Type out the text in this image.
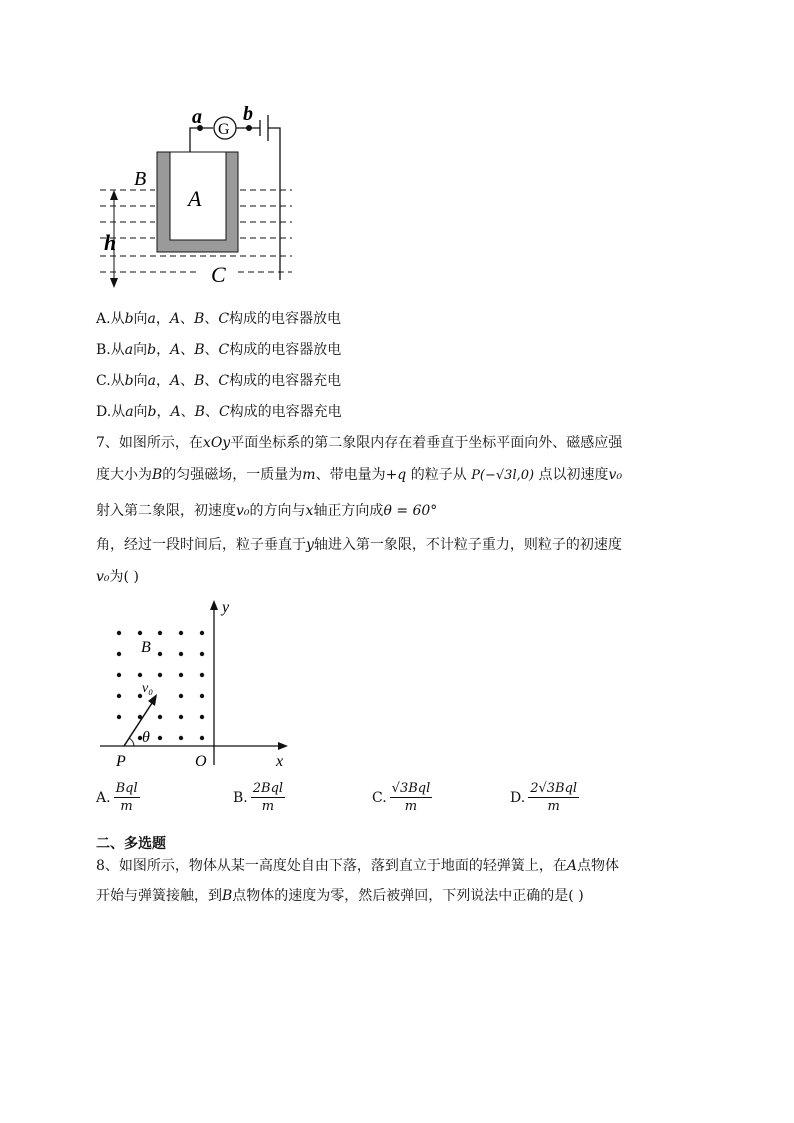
a
G
b
B
A
h
C
A.从b向a，A、B、C构成的电容器放电
B.从a向b，A、B、C构成的电容器放电
C.从b向a，A、B、C构成的电容器充电
D.从a向b，A、B、C构成的电容器充电
7、如图所示，在xOy平面坐标系的第二象限内存在着垂直于坐标平面向外、磁感应强
度大小为B的匀强磁场，一质量为m、带电量为+q 的粒子从 P(−√3l,0) 点以初速度v₀
射入第二象限，初速度v₀的方向与x轴正方向成θ = 60°
角，经过一段时间后，粒子垂直于y轴进入第一象限，不计粒子重力，则粒子的初速度
v₀为( )
y
B
v₀
θ
P	O	x
A. $\frac{\text{Bql}}{m}$	B. $\frac{\text{2Bql}}{m}$	C. $\frac{\text{√3Bql}}{m}$	D. $\frac{\text{2√3Bql}}{m}$
二、多选题
8、如图所示，物体从某一高度处自由下落，落到直立于地面的轻弹簧上，在A点物体
开始与弹簧接触，到B点物体的速度为零，然后被弹回，下列说法中正确的是( )
